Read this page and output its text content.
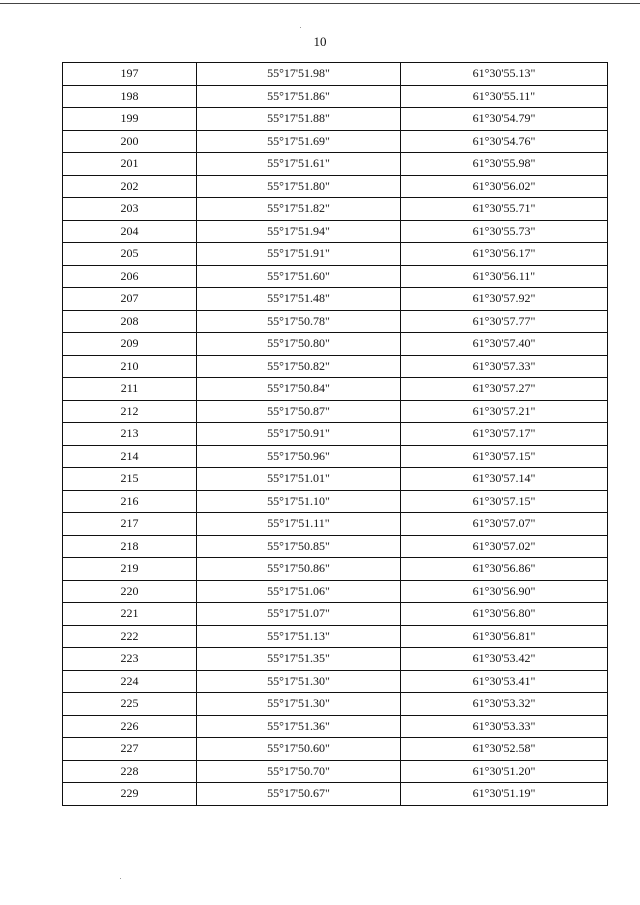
10
197	55°17'51.98"	61°30'55.13"
198	55°17'51.86"	61°30'55.11"
199	55°17'51.88"	61°30'54.79"
200	55°17'51.69"	61°30'54.76"
201	55°17'51.61"	61°30'55.98"
202	55°17'51.80"	61°30'56.02"
203	55°17'51.82"	61°30'55.71"
204	55°17'51.94"	61°30'55.73"
205	55°17'51.91"	61°30'56.17"
206	55°17'51.60"	61°30'56.11"
207	55°17'51.48"	61°30'57.92"
208	55°17'50.78"	61°30'57.77"
209	55°17'50.80"	61°30'57.40"
210	55°17'50.82"	61°30'57.33"
211	55°17'50.84"	61°30'57.27"
212	55°17'50.87"	61°30'57.21"
213	55°17'50.91"	61°30'57.17"
214	55°17'50.96"	61°30'57.15"
215	55°17'51.01"	61°30'57.14"
216	55°17'51.10"	61°30'57.15"
217	55°17'51.11"	61°30'57.07"
218	55°17'50.85"	61°30'57.02"
219	55°17'50.86"	61°30'56.86"
220	55°17'51.06"	61°30'56.90"
221	55°17'51.07"	61°30'56.80"
222	55°17'51.13"	61°30'56.81"
223	55°17'51.35"	61°30'53.42"
224	55°17'51.30"	61°30'53.41"
225	55°17'51.30"	61°30'53.32"
226	55°17'51.36"	61°30'53.33"
227	55°17'50.60"	61°30'52.58"
228	55°17'50.70"	61°30'51.20"
229	55°17'50.67"	61°30'51.19"
